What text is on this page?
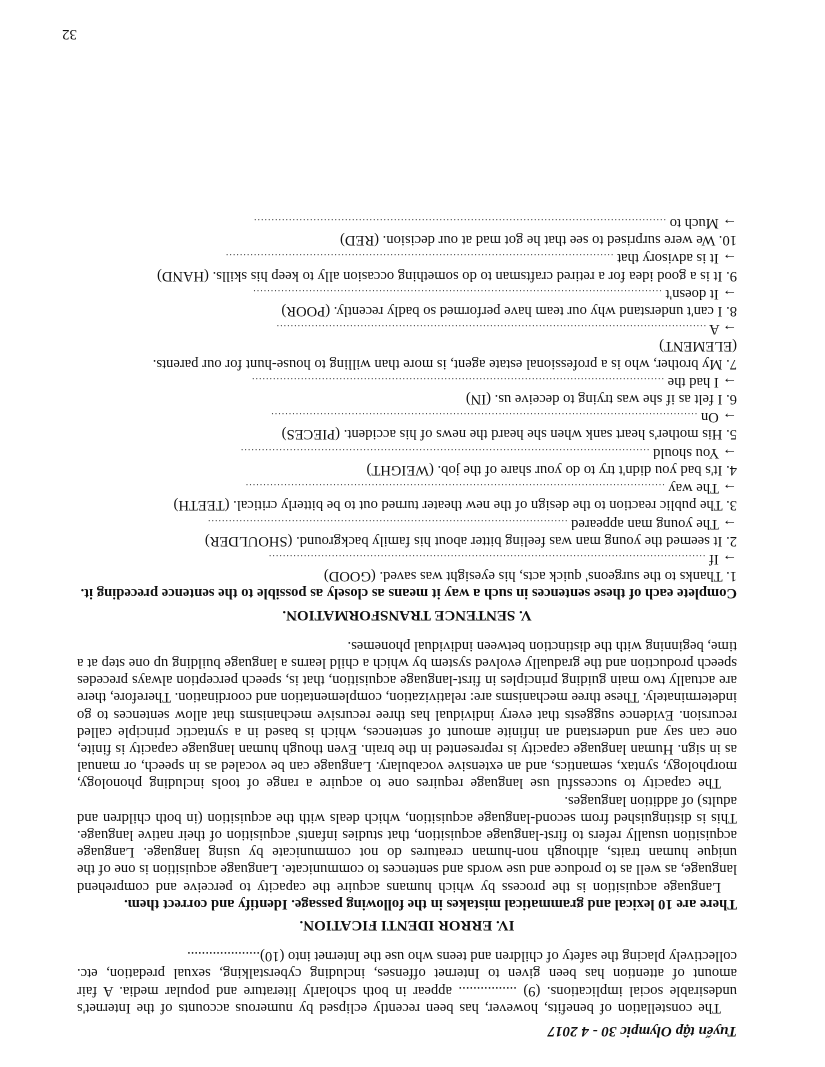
Tuyển tập Olympic 30 - 4 2017

The constellation of benefits, however, has been recently eclipsed by numerous accounts of the Internet's undesirable social implications. (9) ................ appear in both scholarly literature and popular media. A fair amount of attention has been given to Internet offenses, including cyberstalking, sexual predation, etc. collectively placing the safety of children and teens who use the Internet into (10)....................

IV. ERROR IDENTI FICATION.

There are 10 lexical and grammatical mistakes in the following passage. Identify and correct them.

Language acquisition is the process by which humans acquire the capacity to perceive and comprehend language, as well as to produce and use words and sentences to communicate. Language acquisition is one of the unique human traits, although non-human creatures do not communicate by using language. Language acquisition usually refers to first-language acquisition, that studies infants' acquisition of their native language. This is distinguished from second-language acquisition, which deals with the acquisition (in both children and adults) of addition languages.

The capacity to successful use language requires one to acquire a range of tools including phonology, morphology, syntax, semantics, and an extensive vocabulary. Language can be vocaled as in speech, or manual as in sign. Human language capacity is represented in the brain. Even though human language capacity is finite, one can say and understand an infinite amount of sentences, which is based in a syntactic principle called recursion. Evidence suggests that every individual has three recursive mechanisms that allow sentences to go indeterminately. These three mechanisms are: relativization, complementation and coordination. Therefore, there are actually two main guiding principles in first-language acquisition, that is, speech perception always precedes speech production and the gradually evolved system by which a child learns a language building up one step at a time, beginning with the distinction between individual phonemes.

V. SENTENCE TRANSFORMATION.

Complete each of these sentences in such a way it means as closely as possible to the sentence preceding it.

1. Thanks to the surgeons' quick acts, his eyesight was saved. (GOOD)
→ If .............................................................................................................................
2. It seemed the young man was feeling bitter about his family background. (SHOULDER)
→ The young man appeared .......................................................................................................
3. The public reaction to the design of the new theater turned out to be bitterly critical. (TEETH)
→ The way ........................................................................................................................
4. It's bad you didn't try to do your share of the job. (WEIGHT)
→ You should .....................................................................................................................
5. His mother's heart sank when she heard the news of his accident. (PIECES)
→ On ..........................................................................................................................
6. I felt as if she was trying to deceive us. (IN)
→ I had the ......................................................................................................................
7. My brother, who is a professional estate agent, is more than willing to house-hunt for our parents. (ELEMENT)
→ A ...........................................................................................................................
8. I can't understand why our team have performed so badly recently. (POOR)
→ It doesn't .....................................................................................................................
9. It is a good idea for a retired craftsman to do something occasion ally to keep his skills. (HAND)
→ It is advisory that ...............................................................................................................
10. We were surprised to see that he got mad at our decision. (RED)
→ Much to ......................................................................................................................
32
